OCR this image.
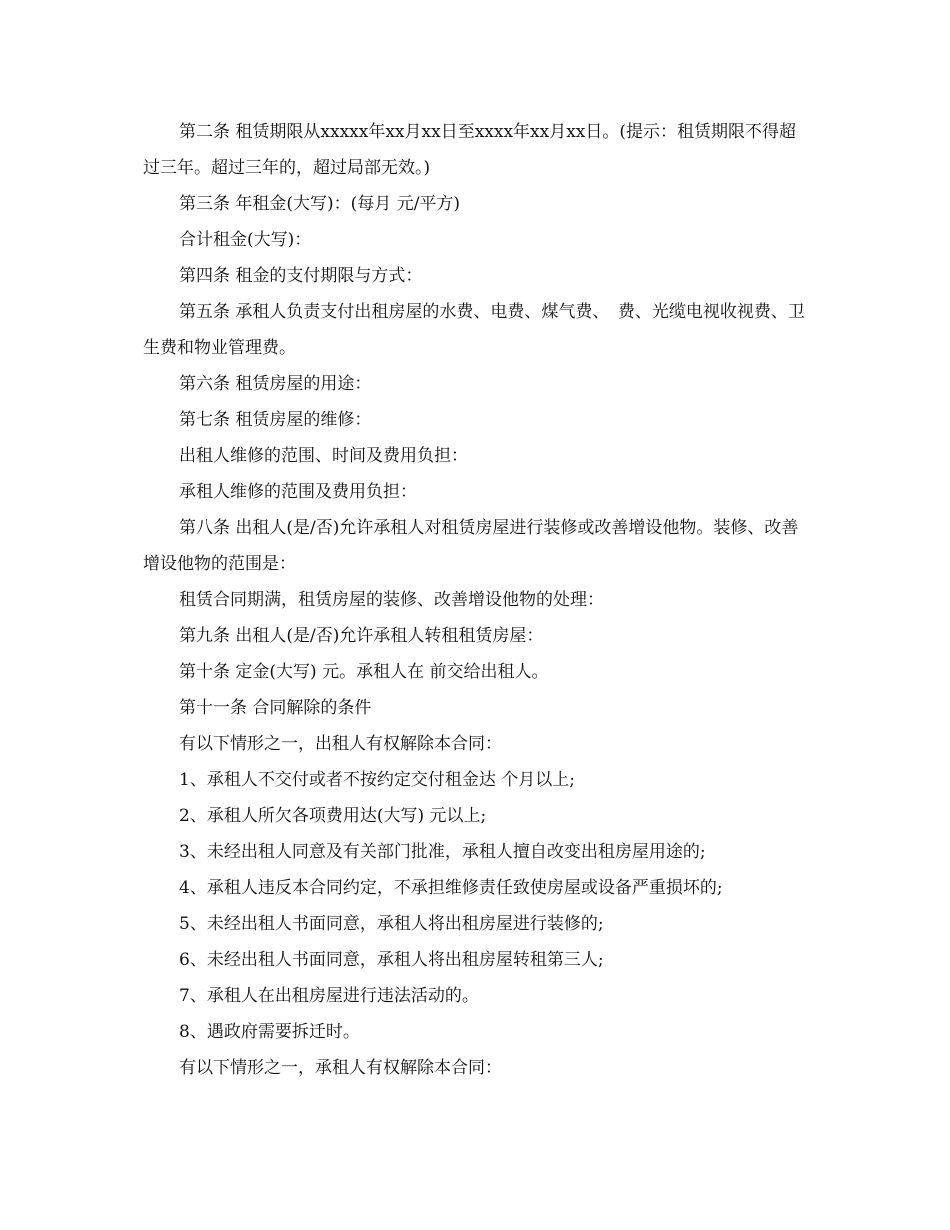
第二条 租赁期限从xxxxx年xx月xx日至xxxx年xx月xx日。(提示：租赁期限不得超过三年。超过三年的，超过局部无效。)

第三条 年租金(大写)：(每月 元/平方)

合计租金(大写)：

第四条 租金的支付期限与方式：

第五条 承租人负责支付出租房屋的水费、电费、煤气费、　费、光缆电视收视费、卫生费和物业管理费。

第六条 租赁房屋的用途：

第七条 租赁房屋的维修：

出租人维修的范围、时间及费用负担：

承租人维修的范围及费用负担：

第八条 出租人(是/否)允许承租人对租赁房屋进行装修或改善增设他物。装修、改善增设他物的范围是：

租赁合同期满，租赁房屋的装修、改善增设他物的处理：

第九条 出租人(是/否)允许承租人转租租赁房屋：

第十条 定金(大写) 元。承租人在 前交给出租人。

第十一条 合同解除的条件

有以下情形之一，出租人有权解除本合同：

1、承租人不交付或者不按约定交付租金达 个月以上;

2、承租人所欠各项费用达(大写) 元以上;

3、未经出租人同意及有关部门批准，承租人擅自改变出租房屋用途的;

4、承租人违反本合同约定，不承担维修责任致使房屋或设备严重损坏的;

5、未经出租人书面同意，承租人将出租房屋进行装修的;

6、未经出租人书面同意，承租人将出租房屋转租第三人;

7、承租人在出租房屋进行违法活动的。

8、遇政府需要拆迁时。

有以下情形之一，承租人有权解除本合同：
